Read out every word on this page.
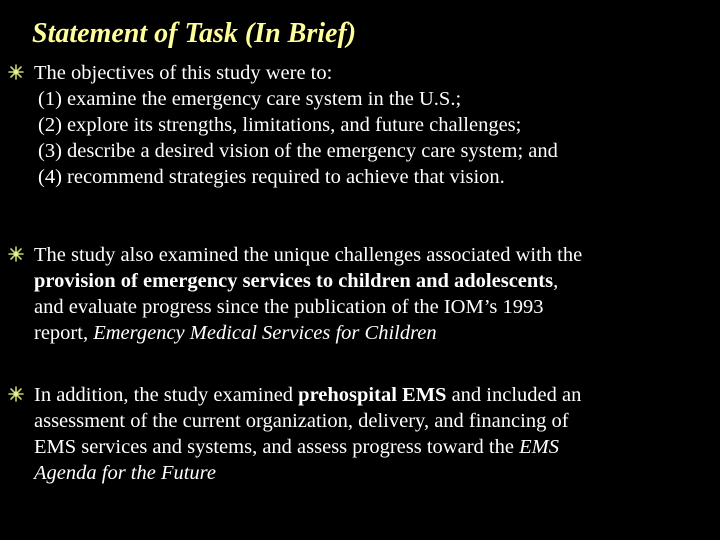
Statement of Task (In Brief)
The objectives of this study were to:
(1) examine the emergency care system in the U.S.;
(2) explore its strengths, limitations, and future challenges;
(3) describe a desired vision of the emergency care system; and
(4) recommend strategies required to achieve that vision.
The study also examined the unique challenges associated with the
provision of emergency services to children and adolescents,
and evaluate progress since the publication of the IOM’s 1993
report, Emergency Medical Services for Children
In addition, the study examined prehospital EMS and included an
assessment of the current organization, delivery, and financing of
EMS services and systems, and assess progress toward the EMS
Agenda for the Future
